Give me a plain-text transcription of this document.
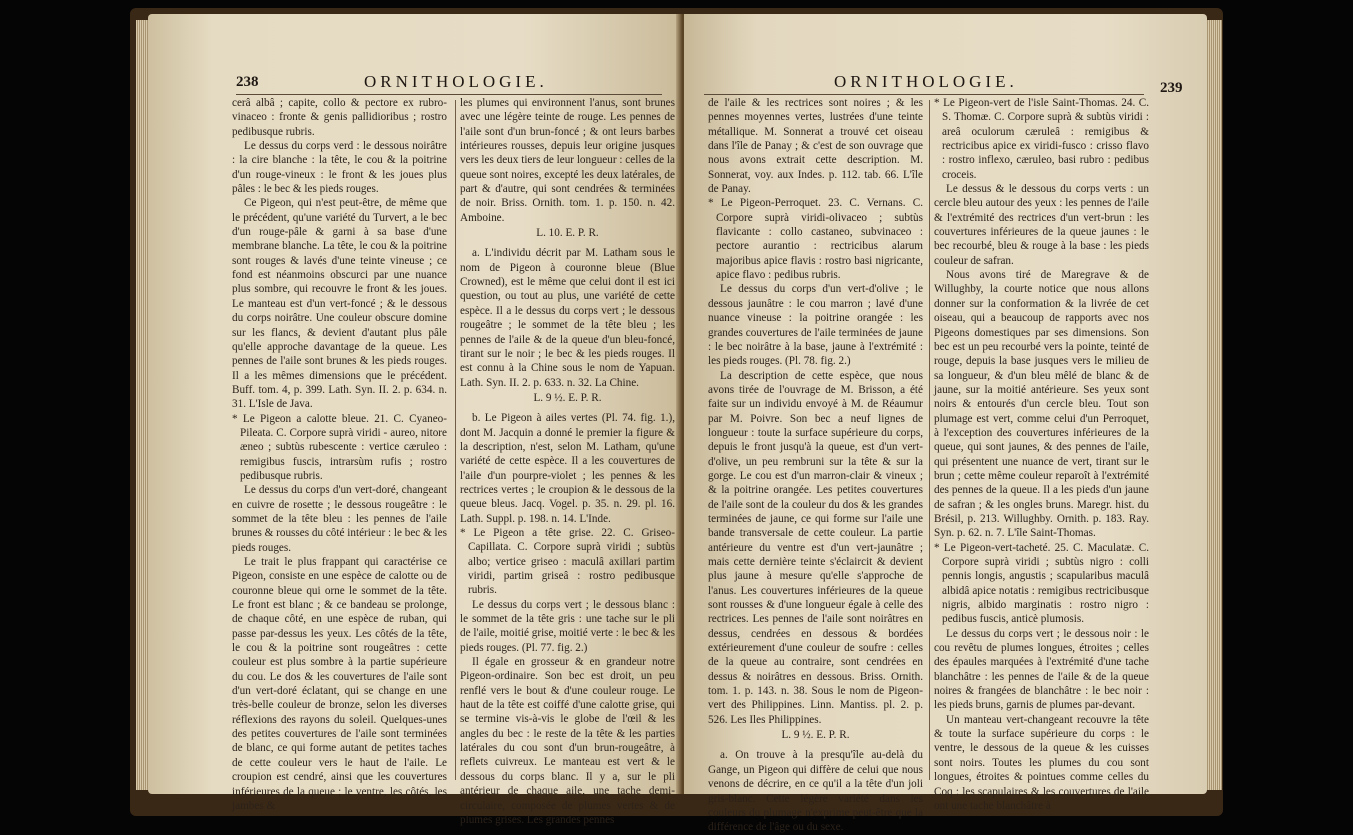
238	ORNITHOLOGIE.

cerâ albâ ; capite, collo & pectore ex rubro-vinaceo : fronte & genis pallidioribus ; rostro pedibusque rubris.

Le dessus du corps verd : le dessous noirâtre : la cire blanche : la tête, le cou & la poitrine d'un rouge-vineux : le front & les joues plus pâles : le bec & les pieds rouges.

Ce Pigeon, qui n'est peut-être, de même que le précédent, qu'une variété du Turvert, a le bec d'un rouge-pâle & garni à sa base d'une membrane blanche. La tête, le cou & la poitrine sont rouges & lavés d'une teinte vineuse ; ce fond est néanmoins obscurci par une nuance plus sombre, qui recouvre le front & les joues. Le manteau est d'un vert-foncé ; & le dessous du corps noirâtre. Une couleur obscure domine sur les flancs, & devient d'autant plus pâle qu'elle approche davantage de la queue. Les pennes de l'aile sont brunes & les pieds rouges. Il a les mêmes dimensions que le précédent. Buff. tom. 4, p. 399. Lath. Syn. II. 2. p. 634. n. 31. L'Isle de Java.

* Le Pigeon a calotte bleue. 21. C. Cyaneo-Pileata. C. Corpore suprà viridi - aureo, nitore æneo ; subtùs rubescente : vertice cæruleo : remigibus fuscis, intrarsùm rufis ; rostro pedibusque rubris.

Le dessus du corps d'un vert-doré, changeant en cuivre de rosette ; le dessous rougeâtre : le sommet de la tête bleu : les pennes de l'aile brunes & rousses du côté intérieur : le bec & les pieds rouges.

Le trait le plus frappant qui caractérise ce Pigeon, consiste en une espèce de calotte ou de couronne bleue qui orne le sommet de la tête. Le front est blanc ; & ce bandeau se prolonge, de chaque côté, en une espèce de ruban, qui passe par-dessus les yeux. Les côtés de la tête, le cou & la poitrine sont rougeâtres : cette couleur est plus sombre à la partie supérieure du cou. Le dos & les couvertures de l'aile sont d'un vert-doré éclatant, qui se change en une très-belle couleur de bronze, selon les diverses réflexions des rayons du soleil. Quelques-unes des petites couvertures de l'aile sont terminées de blanc, ce qui forme autant de petites taches de cette couleur vers le haut de l'aile. Le croupion est cendré, ainsi que les couvertures inférieures de la queue ; le ventre, les côtés, les jambes &

les plumes qui environnent l'anus, sont brunes avec une légère teinte de rouge. Les pennes de l'aile sont d'un brun-foncé ; & ont leurs barbes intérieures rousses, depuis leur origine jusques vers les deux tiers de leur longueur : celles de la queue sont noires, excepté les deux latérales, de part & d'autre, qui sont cendrées & terminées de noir. Briss. Ornith. tom. 1. p. 150. n. 42. Amboine.

L. 10. E. P. R.

a. L'individu décrit par M. Latham sous le nom de Pigeon à couronne bleue (Blue Crowned), est le même que celui dont il est ici question, ou tout au plus, une variété de cette espèce. Il a le dessus du corps vert ; le dessous rougeâtre ; le sommet de la tête bleu ; les pennes de l'aile & de la queue d'un bleu-foncé, tirant sur le noir ; le bec & les pieds rouges. Il est connu à la Chine sous le nom de Yapuan. Lath. Syn. II. 2. p. 633. n. 32. La Chine.

L. 9 ½. E. P. R.

b. Le Pigeon à ailes vertes (Pl. 74. fig. 1.), dont M. Jacquin a donné le premier la figure & la description, n'est, selon M. Latham, qu'une variété de cette espèce. Il a les couvertures de l'aile d'un pourpre-violet ; les pennes & les rectrices vertes ; le croupion & le dessous de la queue bleus. Jacq. Vogel. p. 35. n. 29. pl. 16. Lath. Suppl. p. 198. n. 14. L'Inde.

* Le Pigeon a tête grise. 22. C. Griseo-Capillata. C. Corpore suprà viridi ; subtùs albo; vertice griseo : maculâ axillari partim viridi, partim griseâ : rostro pedibusque rubris.

Le dessus du corps vert ; le dessous blanc : le sommet de la tête gris : une tache sur le pli de l'aile, moitié grise, moitié verte : le bec & les pieds rouges. (Pl. 77. fig. 2.)

Il égale en grosseur & en grandeur notre Pigeon-ordinaire. Son bec est droit, un peu renflé vers le bout & d'une couleur rouge. Le haut de la tête est coiffé d'une calotte grise, qui se termine vis-à-vis le globe de l'œil & les angles du bec : le reste de la tête & les parties latérales du cou sont d'un brun-rougeâtre, à reflets cuivreux. Le manteau est vert & le dessous du corps blanc. Il y a, sur le pli antérieur de chaque aile, une tache demi-circulaire, composée de plumes vertes & de plumes grises. Les grandes pennes

ORNITHOLOGIE.	239

de l'aile & les rectrices sont noires ; & les pennes moyennes vertes, lustrées d'une teinte métallique. M. Sonnerat a trouvé cet oiseau dans l'île de Panay ; & c'est de son ouvrage que nous avons extrait cette description. M. Sonnerat, voy. aux Indes. p. 112. tab. 66. L'île de Panay.

* Le Pigeon-Perroquet. 23. C. Vernans. C. Corpore suprà viridi-olivaceo ; subtùs flavicante : collo castaneo, subvinaceo : pectore aurantio : rectricibus alarum majoribus apice flavis : rostro basi nigricante, apice flavo : pedibus rubris.

Le dessus du corps d'un vert-d'olive ; le dessous jaunâtre : le cou marron ; lavé d'une nuance vineuse : la poitrine orangée : les grandes couvertures de l'aile terminées de jaune : le bec noirâtre à la base, jaune à l'extrémité : les pieds rouges. (Pl. 78. fig. 2.)

La description de cette espèce, que nous avons tirée de l'ouvrage de M. Brisson, a été faite sur un individu envoyé à M. de Réaumur par M. Poivre. Son bec a neuf lignes de longueur : toute la surface supérieure du corps, depuis le front jusqu'à la queue, est d'un vert-d'olive, un peu rembruni sur la tête & sur la gorge. Le cou est d'un marron-clair & vineux ; & la poitrine orangée. Les petites couvertures de l'aile sont de la couleur du dos & les grandes terminées de jaune, ce qui forme sur l'aile une bande transversale de cette couleur. La partie antérieure du ventre est d'un vert-jaunâtre ; mais cette dernière teinte s'éclaircit & devient plus jaune à mesure qu'elle s'approche de l'anus. Les couvertures inférieures de la queue sont rousses & d'une longueur égale à celle des rectrices. Les pennes de l'aile sont noirâtres en dessus, cendrées en dessous & bordées extérieurement d'une couleur de soufre : celles de la queue au contraire, sont cendrées en dessus & noirâtres en dessous. Briss. Ornith. tom. 1. p. 143. n. 38. Sous le nom de Pigeon-vert des Philippines. Linn. Mantiss. pl. 2. p. 526. Les Iles Philippines.

L. 9 ½. E. P. R.

a. On trouve à la presqu'île au-delà du Gange, un Pigeon qui diffère de celui que nous venons de décrire, en ce qu'il a la tête d'un joli gris-blanc. Cette légère variété dans les couleurs du plumage n'exprime peut-être que la différence de l'âge ou du sexe.

* Le Pigeon-vert de l'isle Saint-Thomas. 24. C. S. Thomæ. C. Corpore suprà & subtùs viridi : areâ oculorum cæruleâ : remigibus & rectricibus apice ex viridi-fusco : crisso flavo : rostro inflexo, cæruleo, basi rubro : pedibus croceis.

Le dessus & le dessous du corps verts : un cercle bleu autour des yeux : les pennes de l'aile & l'extrémité des rectrices d'un vert-brun : les couvertures inférieures de la queue jaunes : le bec recourbé, bleu & rouge à la base : les pieds couleur de safran.

Nous avons tiré de Maregrave & de Willughby, la courte notice que nous allons donner sur la conformation & la livrée de cet oiseau, qui a beaucoup de rapports avec nos Pigeons domestiques par ses dimensions. Son bec est un peu recourbé vers la pointe, teinté de rouge, depuis la base jusques vers le milieu de sa longueur, & d'un bleu mêlé de blanc & de jaune, sur la moitié antérieure. Ses yeux sont noirs & entourés d'un cercle bleu. Tout son plumage est vert, comme celui d'un Perroquet, à l'exception des couvertures inférieures de la queue, qui sont jaunes, & des pennes de l'aile, qui présentent une nuance de vert, tirant sur le brun ; cette même couleur reparoît à l'extrémité des pennes de la queue. Il a les pieds d'un jaune de safran ; & les ongles bruns. Maregr. hist. du Brésil, p. 213. Willughby. Ornith. p. 183. Ray. Syn. p. 62. n. 7. L'île Saint-Thomas.

* Le Pigeon-vert-tacheté. 25. C. Maculatæ. C. Corpore suprà viridi ; subtùs nigro : colli pennis longis, angustis ; scapularibus maculâ albidâ apice notatis : remigibus rectricibusque nigris, albido marginatis : rostro nigro : pedibus fuscis, anticè plumosis.

Le dessus du corps vert ; le dessous noir : le cou revêtu de plumes longues, étroites ; celles des épaules marquées à l'extrémité d'une tache blanchâtre : les pennes de l'aile & de la queue noires & frangées de blanchâtre : le bec noir : les pieds bruns, garnis de plumes par-devant.

Un manteau vert-changeant recouvre la tête & toute la surface supérieure du corps : le ventre, le dessous de la queue & les cuisses sont noirs. Toutes les plumes du cou sont longues, étroites & pointues comme celles du Coq : les scapulaires & les couvertures de l'aile ont une tache blanchâtre à
